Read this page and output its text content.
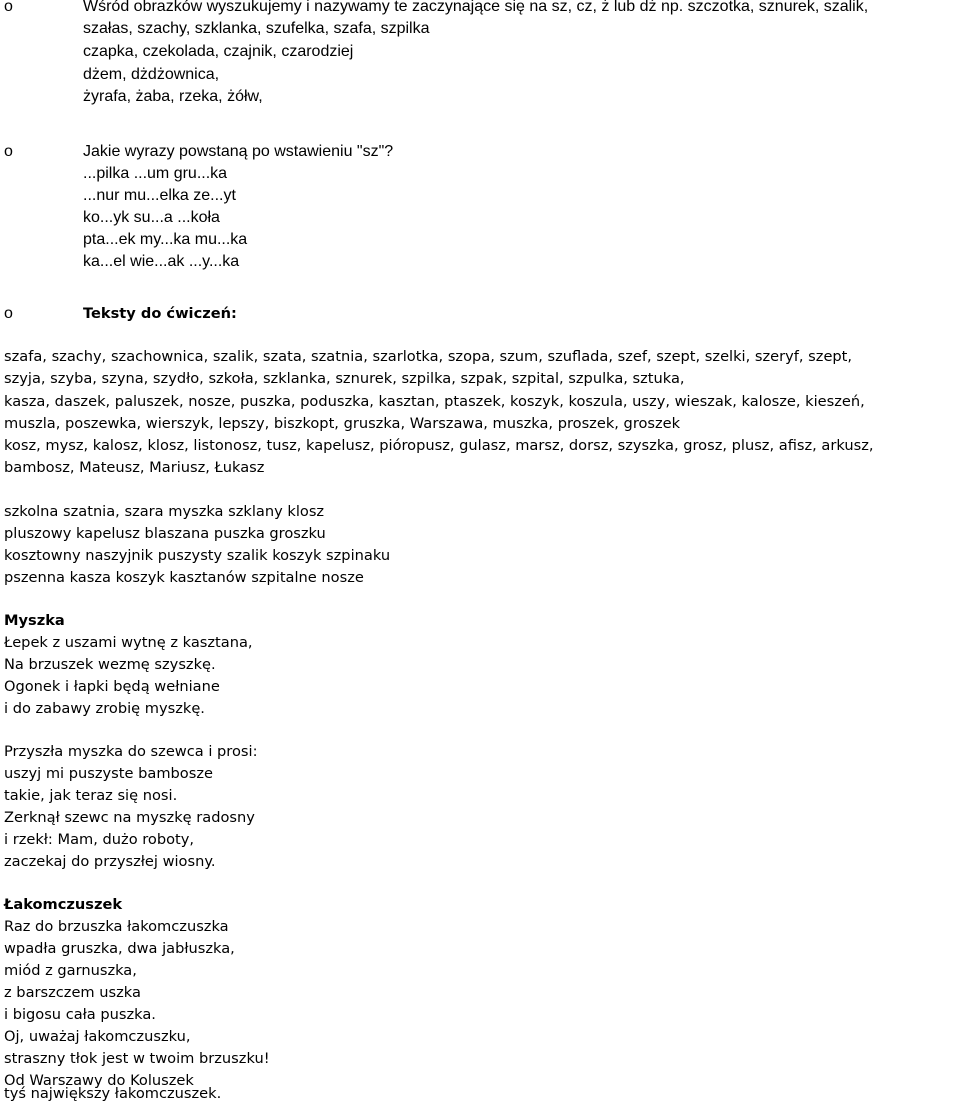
o	Wśród obrazków wyszukujemy i nazywamy te zaczynające się na sz, cz, ż lub dż np. szczotka, sznurek, szalik,
szałas, szachy, szklanka, szufelka, szafa, szpilka
czapka, czekolada, czajnik, czarodziej
dżem, dżdżownica,
żyrafa, żaba, rzeka, żółw,
o	Jakie wyrazy powstaną po wstawieniu "sz"?
...pilka ...um gru...ka
...nur mu...elka ze...yt
ko...yk su...a ...koła
pta...ek my...ka mu...ka
ka...el wie...ak ...y...ka
o	Teksty do ćwiczeń:
szafa, szachy, szachownica, szalik, szata, szatnia, szarlotka, szopa, szum, szuflada, szef, szept, szelki, szeryf, szept,
szyja, szyba, szyna, szydło, szkoła, szklanka, sznurek, szpilka, szpak, szpital, szpulka, sztuka,
kasza, daszek, paluszek, nosze, puszka, poduszka, kasztan, ptaszek, koszyk, koszula, uszy, wieszak, kalosze, kieszeń,
muszla, poszewka, wierszyk, lepszy, biszkopt, gruszka, Warszawa, muszka, proszek, groszek
kosz, mysz, kalosz, klosz, listonosz, tusz, kapelusz, pióropusz, gulasz, marsz, dorsz, szyszka, grosz, plusz, afisz, arkusz,
bambosz, Mateusz, Mariusz, Łukasz
szkolna szatnia, szara myszka szklany klosz
pluszowy kapelusz blaszana puszka groszku
kosztowny naszyjnik puszysty szalik koszyk szpinaku
pszenna kasza koszyk kasztanów szpitalne nosze
Myszka
Łepek z uszami wytnę z kasztana,
Na brzuszek wezmę szyszkę.
Ogonek i łapki będą wełniane
i do zabawy zrobię myszkę.
Przyszła myszka do szewca i prosi:
uszyj mi puszyste bambosze
takie, jak teraz się nosi.
Zerknął szewc na myszkę radosny
i rzekł: Mam, dużo roboty,
zaczekaj do przyszłej wiosny.
Łakomczuszek
Raz do brzuszka łakomczuszka
wpadła gruszka, dwa jabłuszka,
miód z garnuszka,
z barszczem uszka
i bigosu cała puszka.
Oj, uważaj łakomczuszku,
straszny tłok jest w twoim brzuszku!
Od Warszawy do Koluszek
tyś największy łakomczuszek.
